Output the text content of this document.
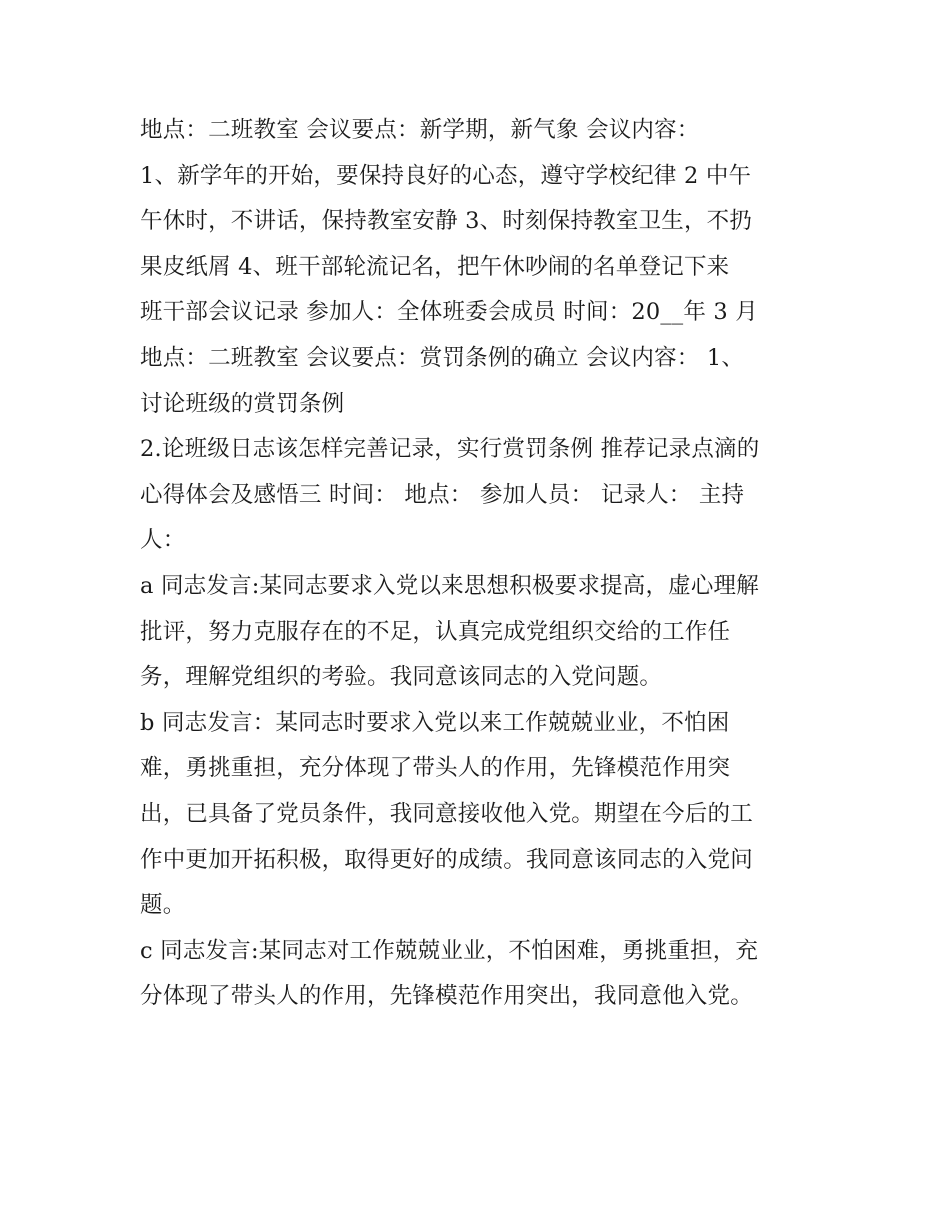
地点：二班教室 会议要点：新学期，新气象 会议内容：
1、新学年的开始，要保持良好的心态，遵守学校纪律 2 中午
午休时，不讲话，保持教室安静 3、时刻保持教室卫生，不扔
果皮纸屑 4、班干部轮流记名，把午休吵闹的名单登记下来
班干部会议记录 参加人：全体班委会成员 时间：20__年 3 月
地点：二班教室 会议要点：赏罚条例的确立 会议内容： 1、
讨论班级的赏罚条例
2.论班级日志该怎样完善记录，实行赏罚条例 推荐记录点滴的
心得体会及感悟三 时间： 地点： 参加人员： 记录人： 主持
人：
a 同志发言:某同志要求入党以来思想积极要求提高，虚心理解
批评，努力克服存在的不足，认真完成党组织交给的工作任
务，理解党组织的考验。我同意该同志的入党问题。
b 同志发言：某同志时要求入党以来工作兢兢业业，不怕困
难，勇挑重担，充分体现了带头人的作用，先锋模范作用突
出，已具备了党员条件，我同意接收他入党。期望在今后的工
作中更加开拓积极，取得更好的成绩。我同意该同志的入党问
题。
c 同志发言:某同志对工作兢兢业业，不怕困难，勇挑重担，充
分体现了带头人的作用，先锋模范作用突出，我同意他入党。
